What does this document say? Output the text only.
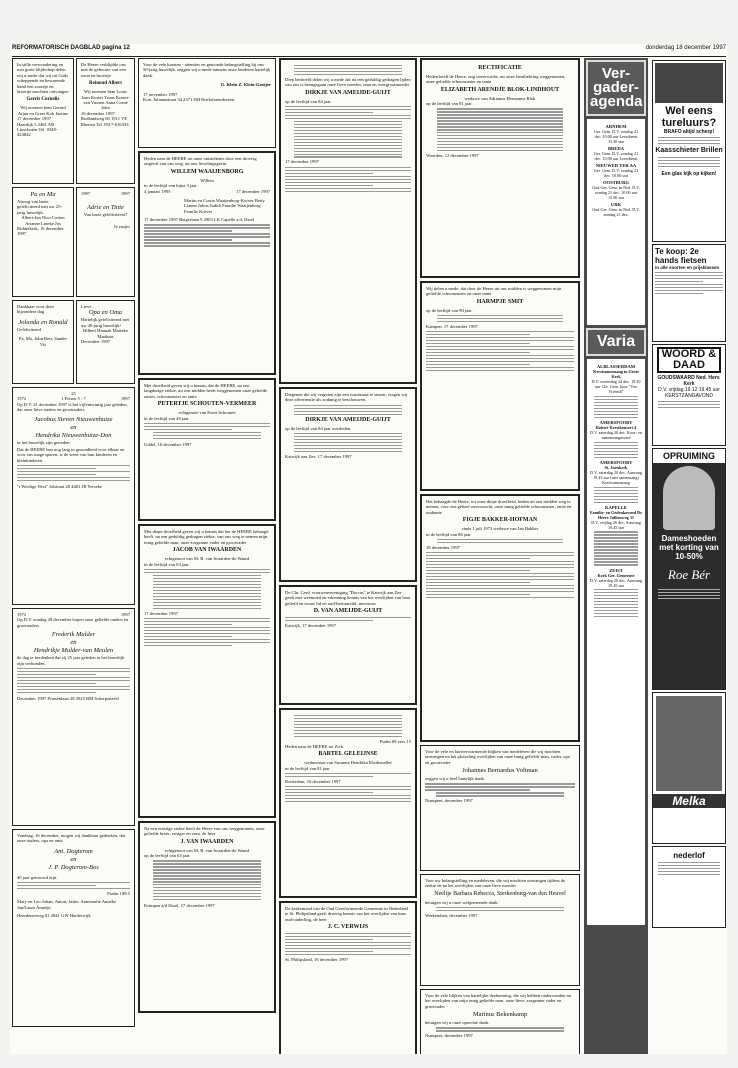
REFORMATORISCH DAGBLAD pagina 12	donderdag 18 december 1997
In stille verwondering en met grote blijdschap delen wij u mede dat wij uit Gods scheppende en bewarende hand een zoontje en broertje mochten ontvangen
Gerrit Cornelis
Wij noemen hem Gerard
Arjan en Greet Kok Justine
17 december 1997
Haardijk 5 2461 AB Linschoten Tel. 0348-423842
De Heere verblijdde ons met de geboorte van een zoon en broertje
Reinoud Albert
Wij noemen hem Louis
Joan Koster Truus Koster-van Vuuren Anna Corné John
16 december 1997
Rodlandweg 60 1911 VE Rhenen Tel. 0317-616333
Pa en Ma
Alsnog van harte gefeliciteerd met uw 25-jarig huwelijk.
Albert-Jan Nico Corien Arianne Lineke Jos
Ridderkerk, 16 december 1997
1987	1997
Adrie en Tinie
Van harte gefeliciteerd!
Je zusjes
Dankbaar voor deze bijzondere dag
Jolanda en Ronald
Gefeliciteerd
Pa, Ma, John Bert, Sander Vis
Lieve
Opa en Oma
Hartelijk gefeliciteerd met uw 40-jarig huwelijk!
Hilbert Hannah Marieke Matthias
December 1997
25
1972	1 Petrus 5 : 7	1997
Op D.V. 21 december 1997 is het vijfentwintig jaar geleden, dat onze lieve ouders en grootouders
Jacobus Steven Nieuwenhuize
en
Hendrika Nieuwenhuize-Don
in het huwelijk zijn getreden.
Dat de HEERE hen nog lang in gezondheid voor elkaar en voor ons mage sparen, is de wens van hun kinderen en kleinkinderen
"t Woelige Nest" Jolstraat 20 4401 JB Yerseke
1972	1997
Op D.V. zondag 28 december hopen onze geliefde ouders en grootouders
Frederik Mulder
en
Hendrikje Mulder-van Meulen
de dag te herdenken dat zij 25 jaar geleden in het huwelijk zijn verbonden.
December 1997 Prinsenlaan 28 3925 BM Scherpenzeel
Vandaag, 16 december, mogen wij dankbaar gedenken, dat onze ouders, opa en oma
Ant. Dogterom
en
J. P. Dogterom-Bos
40 jaar getrouwd zijn.
Psalm 100:5
Mary en Leo Johan, Anton, Jaske, Annemarie Anneke Jan/Laura Annetje
Heerdenerweg 81 2841 GW Harderwijk
Voor de vele kaarten - attenties en getoonde belangstelling bij ons 50-jarig huwelijk, zeggen wij u mede namens onze kinderen hartelijk dank.
G. Klein Z. Klein-Gooijer
17 november 1997
Kon. Julianastraat 34 2371 SM Roelofarendsveen
Heden nam de HEERE tot onze ontsteltenis door een droevig ongeval van ons weg, uit ons lievelingsgezin
WILLEM WAAIJENBORG
Willem
in de leeftijd van bijna 3 jaar.
4 januari 1995	17 december 1997
Martin en Corrie Waaijenborg-Korver Betty Lianne Julius Judith Familie Waaijenborg Familie Korver
17 december 1997 Reigerlaan 9 2903 LK Capelle a.d. IJssel
Met droefheid geven wij u kennis, dat de HEERE, na een langdurige ziekte, uit ons midden heeft weggenomen onze geliefde zuster, schoonzuster en tante
PETERTJE SCHOUTEN-VERMEER
echtgenote van Evert Schouten
in de leeftijd van 49 jaar
Uddel, 16 december 1997
Met diepe droefheid geven wij u kennis dat het de HEERE behaagd heeft, na een geduldig gedragen ziekte, van ons weg te nemen mijn innig geliefde man, onze zorgzame vader en grootvader
JACOB VAN IWAARDEN
echtgenoot van M. B. van Iwaarden-de Waard
in de leeftijd van 63 jaar.
17 december 1997
Na een ernstige ziekte heeft de Heere van ons weggenomen, onze geliefde broer, zwager en oom, de heer
J. VAN IWAARDEN
echtgenoot van M. B. van Iwaarden-de Waard
op de leeftijd van 63 jaar
Krimpen a/d IJssel, 17 december 1997
Diep bedroefd delen wij u mede dat na een geduldig gedragen lijden van ons is heengegaan onze lieve moeder, oma en overgrootmoeder
DIRKJE VAN AMEIJDE-GUIJT
op de leeftijd van 84 jaar.
17 december 1997
Diegenen die wij vergeten zijn een rouwkaart te sturen, vragen wij deze advertentie als zodanig te beschouwen.
DIRKJE VAN AMEIJDE-GUIJT
op de leeftijd van 84 jaar overleden.
Katwijk aan Zee, 17 december 1997
De Chr. Gerd. vrouwenvereniging "Dorcas" te Katwijk aan Zee geeft met weemoed en erkenning kennis van het overlijden van haar geliefd en trouw lid en oud-bestuurslid, mevrouw
D. VAN AMEIJDE-GUIJT
Katwijk, 17 december 1997
Psalm 69 vers 15
Heden nam de HEERE tot Zich
BARTEL GELEIJNSE
weduwnaar van Susanna Hendrika Kleihoneller
in de leeftijd van 81 jaar
Rotterdam, 16 december 1997
De kerkenraad van de Oud Gereformeerde Gemeente in Nederland te St. Philipsland geeft droevig kennis van het overlijden van haar oud-ouderling, de heer
J. C. VERWIJS
St. Philipsland, 16 december 1997
RECTIFICATIE
Heden heeft de Heere, nog onverwacht, uit onze familiekring weggenomen, onze geliefde schoonzuster en tante
ELIZABETH ARENDJE BLOK-LINDHOUT
weduwe van Adrianus Hermanus Blok
op de leeftijd van 81 jaar.
Woerden, 12 december 1997
Wij delen u mede, dat door de Heere uit ons midden is weggenomen mijn geliefde schoonzuster en onze tante
HARMPJE SMIT
op de leeftijd van 90 jaar.
Kampen, 17 december 1997
Het behaagde de Heere, tot onze diepe droefheid, heden uit ons midden weg te nemen, voor ons geheel onverwacht, onze innig geliefde schoonzuster, tante en oudtante
FIGJE BAKKER-HOFMAN
sinds 1 juli 1973 weduwe van Jan Bakker
in de leeftijd van 86 jaar
18 december 1997
Voor de vele en hartverwarmende blijken van medeleven die wij mochten ontvangen na het plotseling overlijden van onze innig geliefde man, vader, opa en grootvader
Johannes Bernardus Voltman
zeggen wij u heel hartelijk dank.
Nunspeet, december 1997
Voor uw belangstelling en medeleven, die wij mochten ontvangen tijdens de ziekte en na het overlijden van onze lieve moeder
Neeltje Barbara Rebecca, Sterkenburg-van den Heuvel
betuigen wij u onze welgemeende dank.
Werkendam, december 1997
Voor de vele blijken van hartelijke deelneming, die wij hebben ondervonden na het overlijden van mijn innig geliefde man, onze lieve, zorgzame vader en grootvader
Marinus Bekenkamp
betuigen wij u onze oprechte dank.
Nunspeet, december 1997
Ver-gader-agenda
ARNHEM
Ger. Gem. D.V. zondag 21 dec. 10.00 uur Leesdienst 15.30 uur
BREDA
Ger. Gem. D.V. zondag 21 dec. 10.00 uur Leesdienst
NIEUWER TER AA
Ger. Gem. D.V. zondag 21 dec. 10.00 uur
OOSTBURG
Oud Ger. Gem. in Ned. D.V. zondag 21 dec. 10.00 uur 15.00 uur
URK
Oud Ger. Gem. in Ned. D.V. zondag 21 dec.
Varia
ALBLASSERDAM
Kerstsamenzang in Grote Kerk
D.V. woensdag 24 dec. 19.30 uur Chr. Gem. koor "Vox Vivendi"
AMERSFOORT
Robert Kerstkonsert 4
D.V. zaterdag 20 dec. Koor- en samenzangavond
AMERSFOORT
St. Joriskerk
D.V. zaterdag 20 dec. Aanvang 19.45 uur (met samenzang) Kerstsamenzang
KAPELLE
Familie- en Gedenkavond De Heere Jullienweg 31
D.V. vrijdag 26 dec. Aanvang 19.45 uur
ZEIST
Kerk Ger. Gemeente
D.V. zaterdag 20 dec. Aanvang 19.45 uur
Wel eens tureluurs?
BRAFO altijd scherp!
Kaasschieter Brillen
Een glas kijk op kijken!
Te koop: 2e hands fietsen
in alle soorten en prijsklassen
WOORD & DAAD
GOUDSWAARD Ned. Herv. Kerk
D.V. vrijdag 19.12 19.45 uur KERSTZANGAVOND
OPRUIMING
Dameshoeden met korting van 10-50%
Roe Bér
Melka
nederlof
